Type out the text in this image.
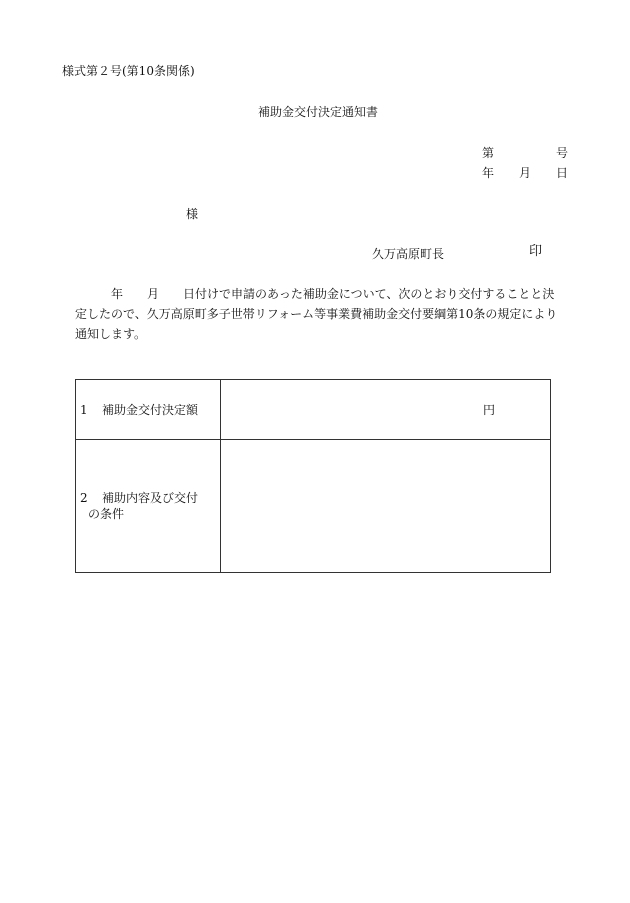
様式第２号(第10条関係)
補助金交付決定通知書
第	号
年 月 日
様
久万高原町長	印
年 月 日付けで申請のあった補助金について、次のとおり交付することと決
定したので、久万高原町多子世帯リフォーム等事業費補助金交付要綱第10条の規定により
通知します。
1 補助金交付決定額	円

2 補助内容及び交付
の条件	
